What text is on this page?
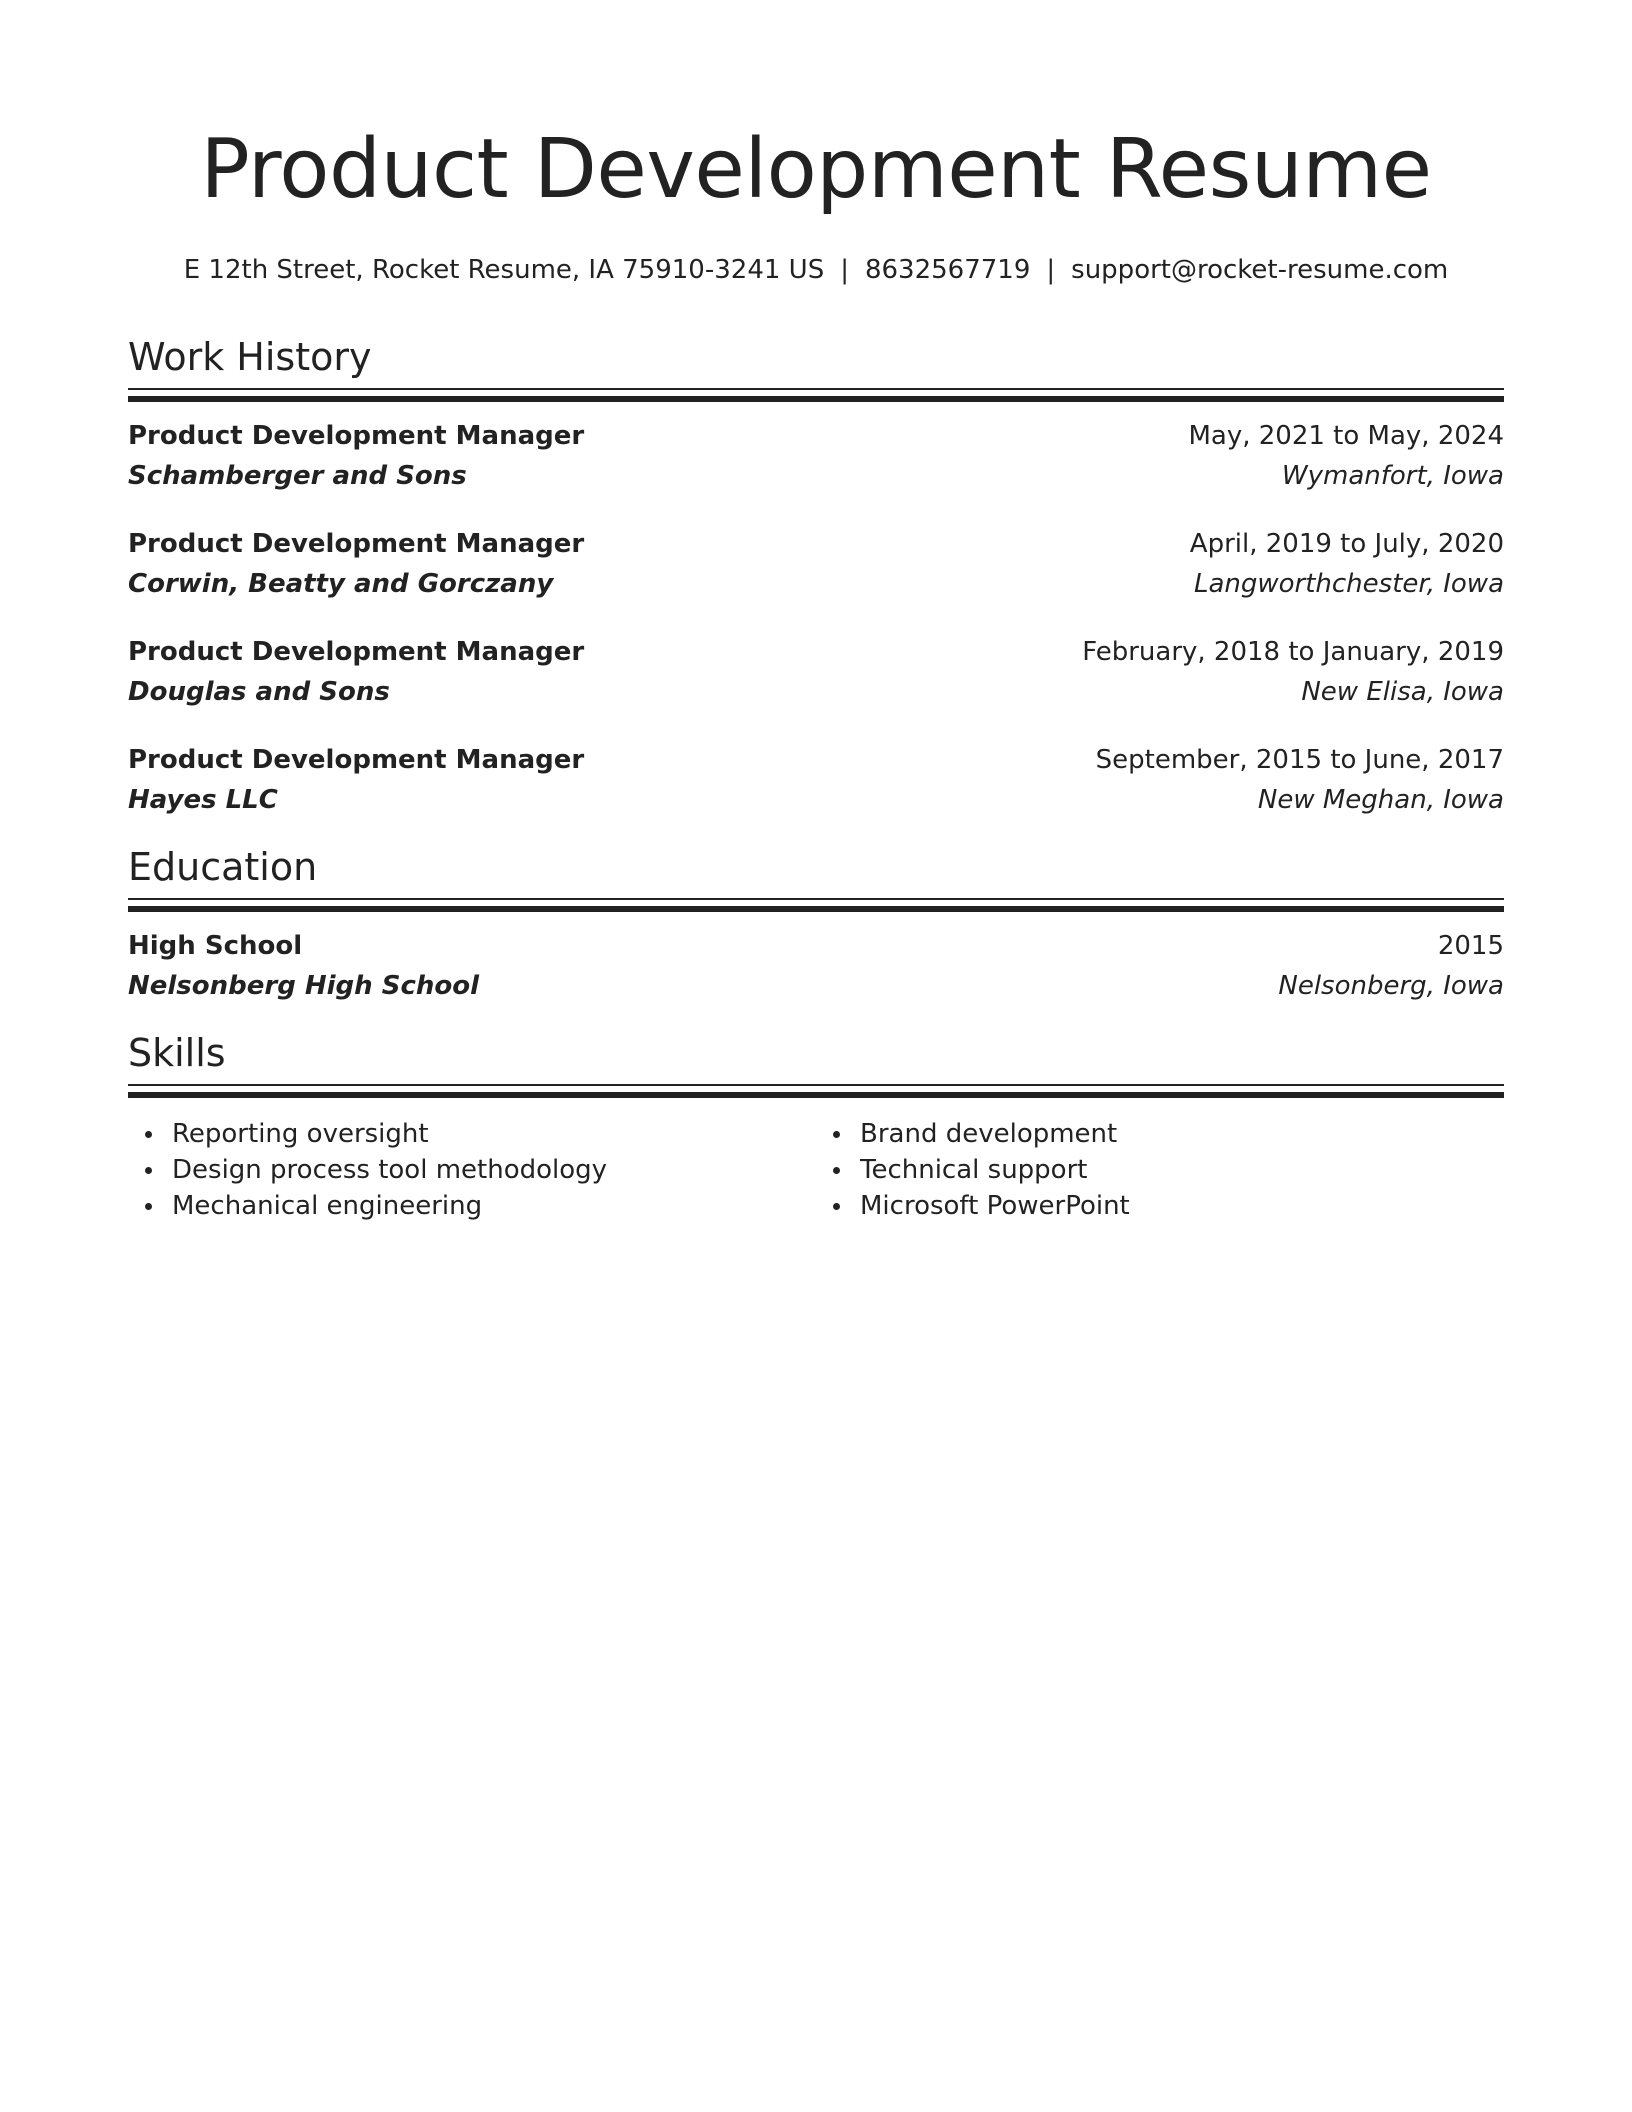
Product Development Resume
E 12th Street, Rocket Resume, IA 75910-3241 US | 8632567719 | support@rocket-resume.com
Work History
Product Development Manager	May, 2021 to May, 2024
Schamberger and Sons	Wymanfort, Iowa
Product Development Manager	April, 2019 to July, 2020
Corwin, Beatty and Gorczany	Langworthchester, Iowa
Product Development Manager	February, 2018 to January, 2019
Douglas and Sons	New Elisa, Iowa
Product Development Manager	September, 2015 to June, 2017
Hayes LLC	New Meghan, Iowa
Education
High School	2015
Nelsonberg High School	Nelsonberg, Iowa
Skills
Reporting oversight
Design process tool methodology
Mechanical engineering
Brand development
Technical support
Microsoft PowerPoint
